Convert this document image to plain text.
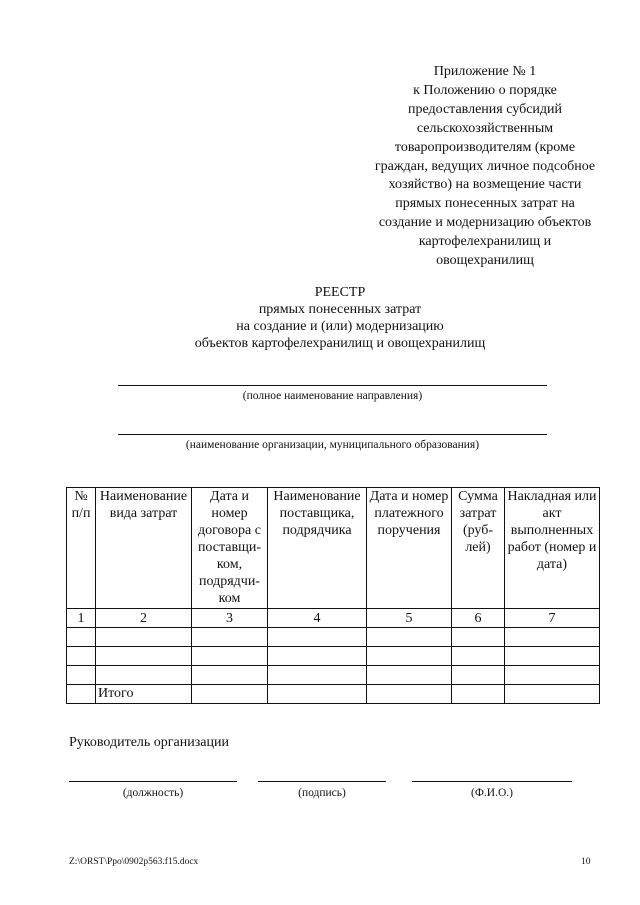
Приложение № 1
к Положению о порядке
предоставления субсидий
сельскохозяйственным
товаропроизводителям (кроме
граждан, ведущих личное подсобное
хозяйство) на возмещение части
прямых понесенных затрат на
создание и модернизацию объектов
картофелехранилищ и
овощехранилищ
РЕЕСТР
прямых понесенных затрат
на создание и (или) модернизацию
объектов картофелехранилищ и овощехранилищ
(полное наименование направления)
(наименование организации, муниципального образования)
№ п/п	Наименование вида затрат	Дата и номер договора с поставщи-ком, подрядчи-ком	Наименование поставщика, подрядчика	Дата и номер платежного поручения	Сумма затрат (руб-лей)	Накладная или акт выполненных работ (номер и дата)
1	2	3	4	5	6	7

	Итого					
Руководитель организации
(должность)	(подпись)	(Ф.И.О.)
Z:\ORST\Ppo\0902p563.f15.docx	10
